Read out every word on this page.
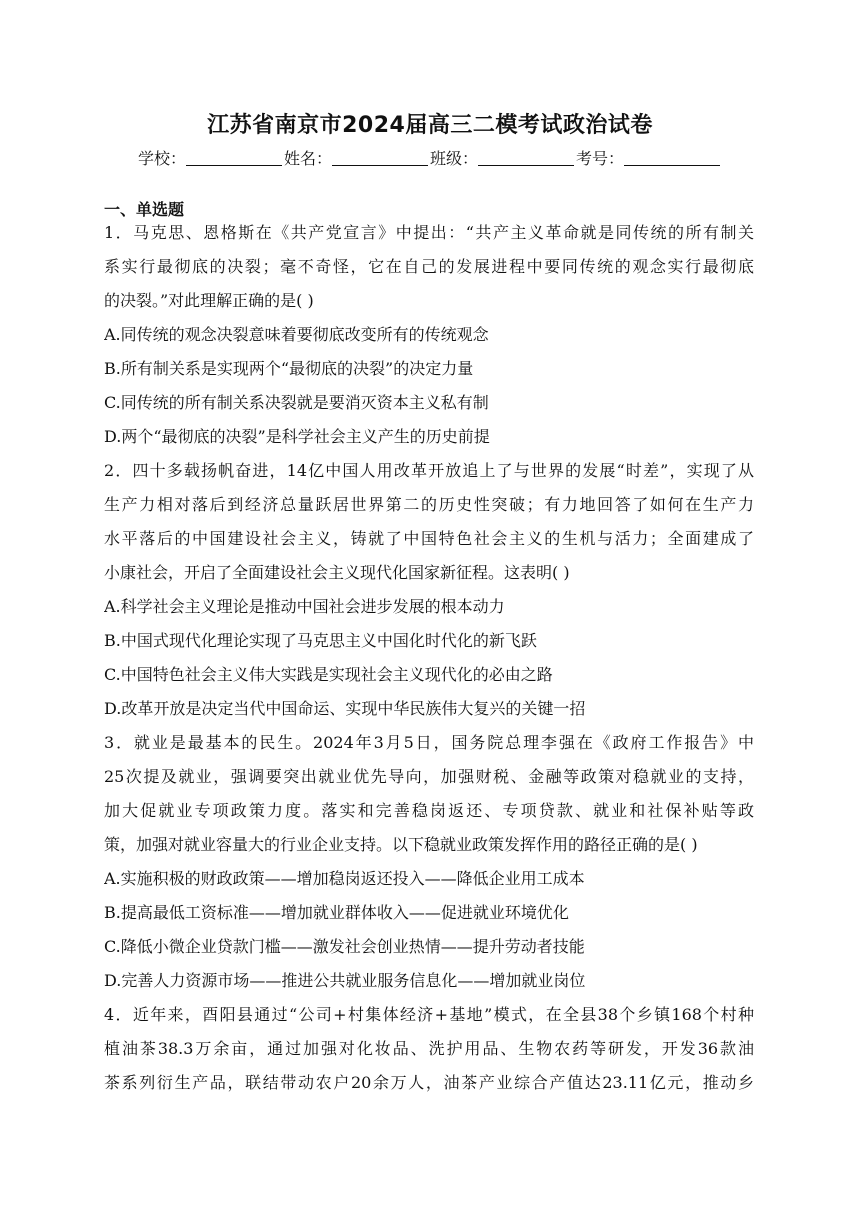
江苏省南京市2024届高三二模考试政治试卷
学校：	姓名：	班级：	考号：
一、单选题
1．马克思、恩格斯在《共产党宣言》中提出：“共产主义革命就是同传统的所有制关
系实行最彻底的决裂；毫不奇怪，它在自己的发展进程中要同传统的观念实行最彻底
的决裂。”对此理解正确的是( )
A.同传统的观念决裂意味着要彻底改变所有的传统观念
B.所有制关系是实现两个“最彻底的决裂”的决定力量
C.同传统的所有制关系决裂就是要消灭资本主义私有制
D.两个“最彻底的决裂”是科学社会主义产生的历史前提
2．四十多载扬帆奋进，14亿中国人用改革开放追上了与世界的发展“时差”，实现了从
生产力相对落后到经济总量跃居世界第二的历史性突破；有力地回答了如何在生产力
水平落后的中国建设社会主义，铸就了中国特色社会主义的生机与活力；全面建成了
小康社会，开启了全面建设社会主义现代化国家新征程。这表明( )
A.科学社会主义理论是推动中国社会进步发展的根本动力
B.中国式现代化理论实现了马克思主义中国化时代化的新飞跃
C.中国特色社会主义伟大实践是实现社会主义现代化的必由之路
D.改革开放是决定当代中国命运、实现中华民族伟大复兴的关键一招
3．就业是最基本的民生。2024年3月5日，国务院总理李强在《政府工作报告》中
25次提及就业，强调要突出就业优先导向，加强财税、金融等政策对稳就业的支持，
加大促就业专项政策力度。落实和完善稳岗返还、专项贷款、就业和社保补贴等政
策，加强对就业容量大的行业企业支持。以下稳就业政策发挥作用的路径正确的是( )
A.实施积极的财政政策——增加稳岗返还投入——降低企业用工成本
B.提高最低工资标准——增加就业群体收入——促进就业环境优化
C.降低小微企业贷款门槛——激发社会创业热情——提升劳动者技能
D.完善人力资源市场——推进公共就业服务信息化——增加就业岗位
4．近年来，酉阳县通过“公司+村集体经济+基地”模式，在全县38个乡镇168个村种
植油茶38.3万余亩，通过加强对化妆品、洗护用品、生物农药等研发，开发36款油
茶系列衍生产品，联结带动农户20余万人，油茶产业综合产值达23.11亿元，推动乡
